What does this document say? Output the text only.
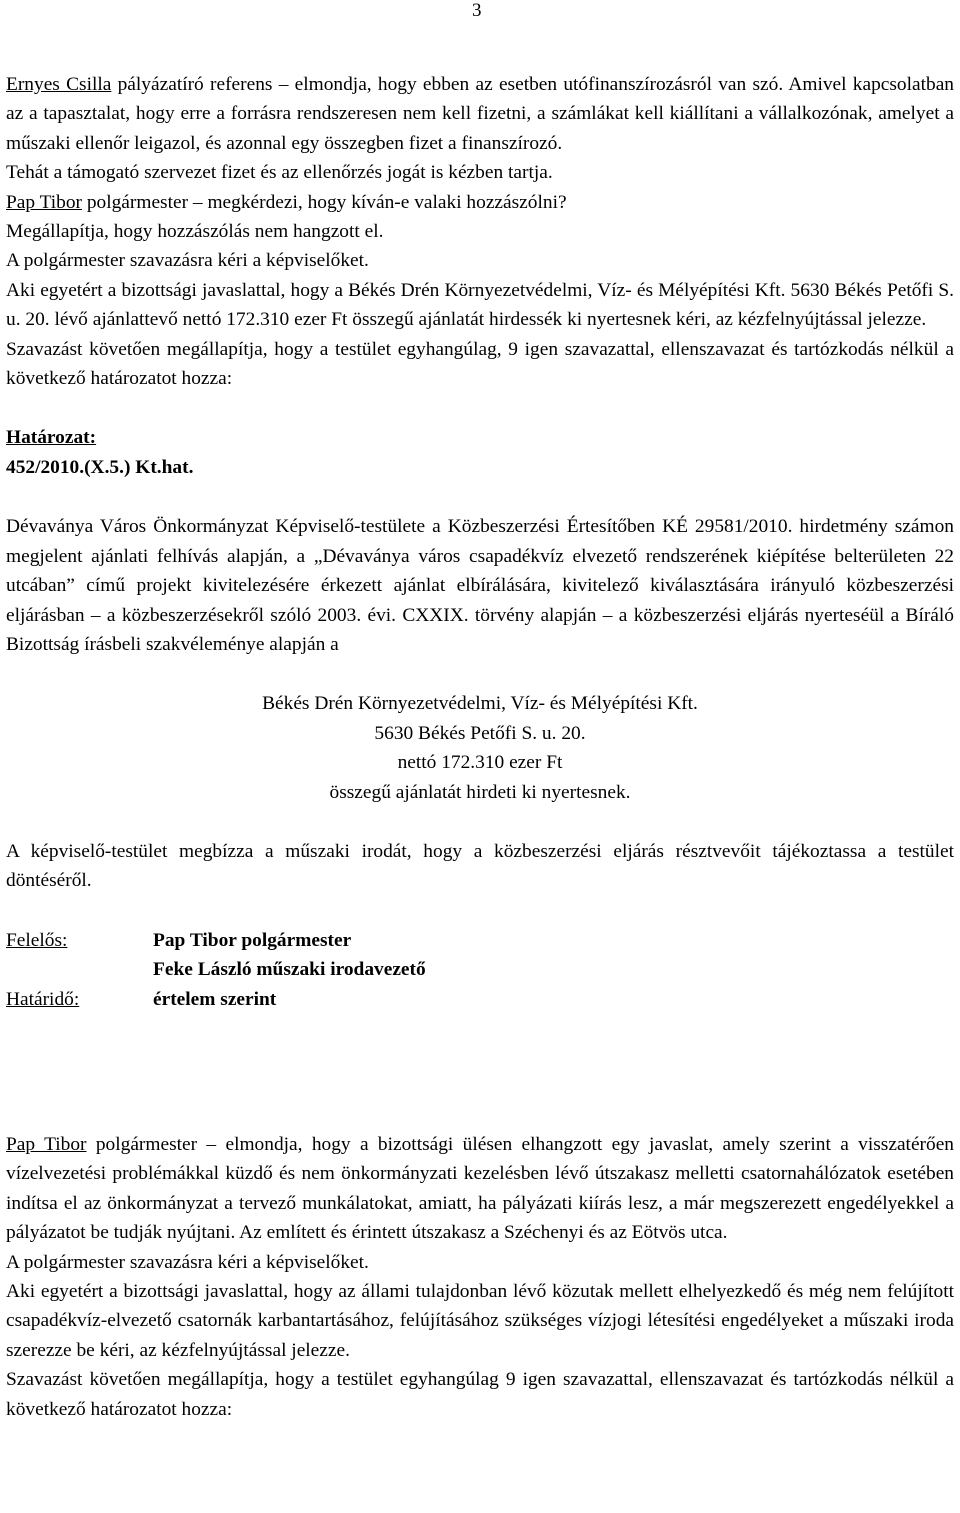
3

Ernyes Csilla pályázatíró referens – elmondja, hogy ebben az esetben utófinanszírozásról van szó. Amivel kapcsolatban az a tapasztalat, hogy erre a forrásra rendszeresen nem kell fizetni, a számlákat kell kiállítani a vállalkozónak, amelyet a műszaki ellenőr leigazol, és azonnal egy összegben fizet a finanszírozó.

Tehát a támogató szervezet fizet és az ellenőrzés jogát is kézben tartja.

Pap Tibor polgármester – megkérdezi, hogy kíván-e valaki hozzászólni?

Megállapítja, hogy hozzászólás nem hangzott el.

A polgármester szavazásra kéri a képviselőket.

Aki egyetért a bizottsági javaslattal, hogy a Békés Drén Környezetvédelmi, Víz- és Mélyépítési Kft. 5630 Békés Petőfi S. u. 20. lévő ajánlattevő nettó 172.310 ezer Ft összegű ajánlatát hirdessék ki nyertesnek kéri, az kézfelnyújtással jelezze.

Szavazást követően megállapítja, hogy a testület egyhangúlag, 9 igen szavazattal, ellenszavazat és tartózkodás nélkül a következő határozatot hozza:

Határozat:

452/2010.(X.5.) Kt.hat.

Dévaványa Város Önkormányzat Képviselő-testülete a Közbeszerzési Értesítőben KÉ 29581/2010. hirdetmény számon megjelent ajánlati felhívás alapján, a „Dévaványa város csapadékvíz elvezető rendszerének kiépítése belterületen 22 utcában” című projekt kivitelezésére érkezett ajánlat elbírálására, kivitelező kiválasztására irányuló közbeszerzési eljárásban – a közbeszerzésekről szóló 2003. évi. CXXIX. törvény alapján – a közbeszerzési eljárás nyerteséül a Bíráló Bizottság írásbeli szakvéleménye alapján a

Békés Drén Környezetvédelmi, Víz- és Mélyépítési Kft.

5630 Békés Petőfi S. u. 20.

nettó 172.310 ezer Ft

összegű ajánlatát hirdeti ki nyertesnek.

A képviselő-testület megbízza a műszaki irodát, hogy a közbeszerzési eljárás résztvevőit tájékoztassa a testület döntéséről.

Felelős:	Pap Tibor polgármester

Feke László műszaki irodavezető

Határidő:	értelem szerint

Pap Tibor polgármester – elmondja, hogy a bizottsági ülésen elhangzott egy javaslat, amely szerint a visszatérően vízelvezetési problémákkal küzdő és nem önkormányzati kezelésben lévő útszakasz melletti csatornahálózatok esetében indítsa el az önkormányzat a tervező munkálatokat, amiatt, ha pályázati kiírás lesz, a már megszerezett engedélyekkel a pályázatot be tudják nyújtani. Az említett és érintett útszakasz a Széchenyi és az Eötvös utca.

A polgármester szavazásra kéri a képviselőket.

Aki egyetért a bizottsági javaslattal, hogy az állami tulajdonban lévő közutak mellett elhelyezkedő és még nem felújított csapadékvíz-elvezető csatornák karbantartásához, felújításához szükséges vízjogi létesítési engedélyeket a műszaki iroda szerezze be kéri, az kézfelnyújtással jelezze.

Szavazást követően megállapítja, hogy a testület egyhangúlag 9 igen szavazattal, ellenszavazat és tartózkodás nélkül a következő határozatot hozza:
